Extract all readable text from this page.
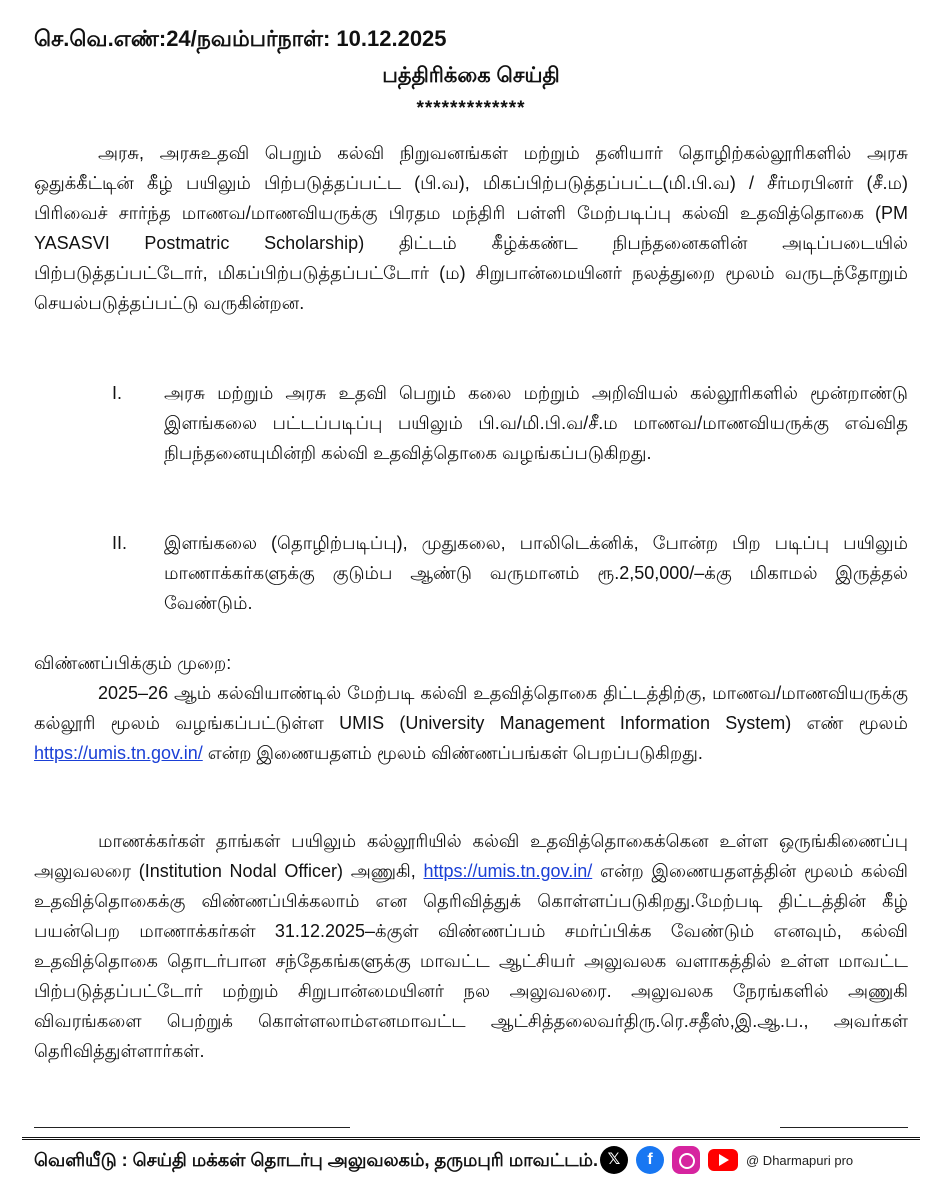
செ.வெ.எண்:24/நவம்பர்நாள்: 10.12.2025
பத்திரிக்கை செய்தி
*************
அரசு, அரசுஉதவி பெறும் கல்வி நிறுவனங்கள் மற்றும் தனியார் தொழிற்கல்லூரிகளில் அரசு ஒதுக்கீட்டின் கீழ் பயிலும் பிற்படுத்தப்பட்ட (பி.வ), மிகப்பிற்படுத்தப்பட்ட(மி.பி.வ) / சீர்மரபினர் (சீ.ம) பிரிவைச் சார்ந்த மாணவ/மாணவியருக்கு பிரதம மந்திரி பள்ளி மேற்படிப்பு கல்வி உதவித்தொகை (PM YASASVI Postmatric Scholarship) திட்டம் கீழ்க்கண்ட நிபந்தனைகளின் அடிப்படையில் பிற்படுத்தப்பட்டோர், மிகப்பிற்படுத்தப்பட்டோர் (ம) சிறுபான்மையினர் நலத்துறை மூலம் வருடந்தோறும் செயல்படுத்தப்பட்டு வருகின்றன.
I. அரசு மற்றும் அரசு உதவி பெறும் கலை மற்றும் அறிவியல் கல்லூரிகளில் மூன்றாண்டு இளங்கலை பட்டப்படிப்பு பயிலும் பி.வ/மி.பி.வ/சீ.ம மாணவ/மாணவியருக்கு எவ்வித நிபந்தனையுமின்றி கல்வி உதவித்தொகை வழங்கப்படுகிறது.
II. இளங்கலை (தொழிற்படிப்பு), முதுகலை, பாலிடெக்னிக், போன்ற பிற படிப்பு பயிலும் மாணாக்கர்களுக்கு குடும்ப ஆண்டு வருமானம் ரூ.2,50,000/–க்கு மிகாமல் இருத்தல் வேண்டும்.
விண்ணப்பிக்கும் முறை:
2025–26 ஆம் கல்வியாண்டில் மேற்படி கல்வி உதவித்தொகை திட்டத்திற்கு, மாணவ/மாணவியருக்கு கல்லூரி மூலம் வழங்கப்பட்டுள்ள UMIS (University Management Information System) எண் மூலம் https://umis.tn.gov.in/ என்ற இணையதளம் மூலம் விண்ணப்பங்கள் பெறப்படுகிறது.
மாணக்கர்கள் தாங்கள் பயிலும் கல்லூரியில் கல்வி உதவித்தொகைக்கென உள்ள ஒருங்கிணைப்பு அலுவலரை (Institution Nodal Officer) அணுகி, https://umis.tn.gov.in/ என்ற இணையதளத்தின் மூலம் கல்வி உதவித்தொகைக்கு விண்ணப்பிக்கலாம் என தெரிவித்துக் கொள்ளப்படுகிறது.மேற்படி திட்டத்தின் கீழ் பயன்பெற மாணாக்கர்கள் 31.12.2025–க்குள் விண்ணப்பம் சமர்ப்பிக்க வேண்டும் எனவும், கல்வி உதவித்தொகை தொடர்பான சந்தேகங்களுக்கு மாவட்ட ஆட்சியர் அலுவலக வளாகத்தில் உள்ள மாவட்ட பிற்படுத்தப்பட்டோர் மற்றும் சிறுபான்மையினர் நல அலுவலரை. அலுவலக நேரங்களில் அணுகி விவரங்களை பெற்றுக் கொள்ளலாம்எனமாவட்ட ஆட்சித்தலைவர்திரு.ரெ.சதீஸ்,இ.ஆ.ப., அவர்கள் தெரிவித்துள்ளார்கள்.
வெளியீடு : செய்தி மக்கள் தொடர்பு அலுவலகம், தருமபுரி மாவட்டம். 𝕏	f	@ Dharmapuri pro
